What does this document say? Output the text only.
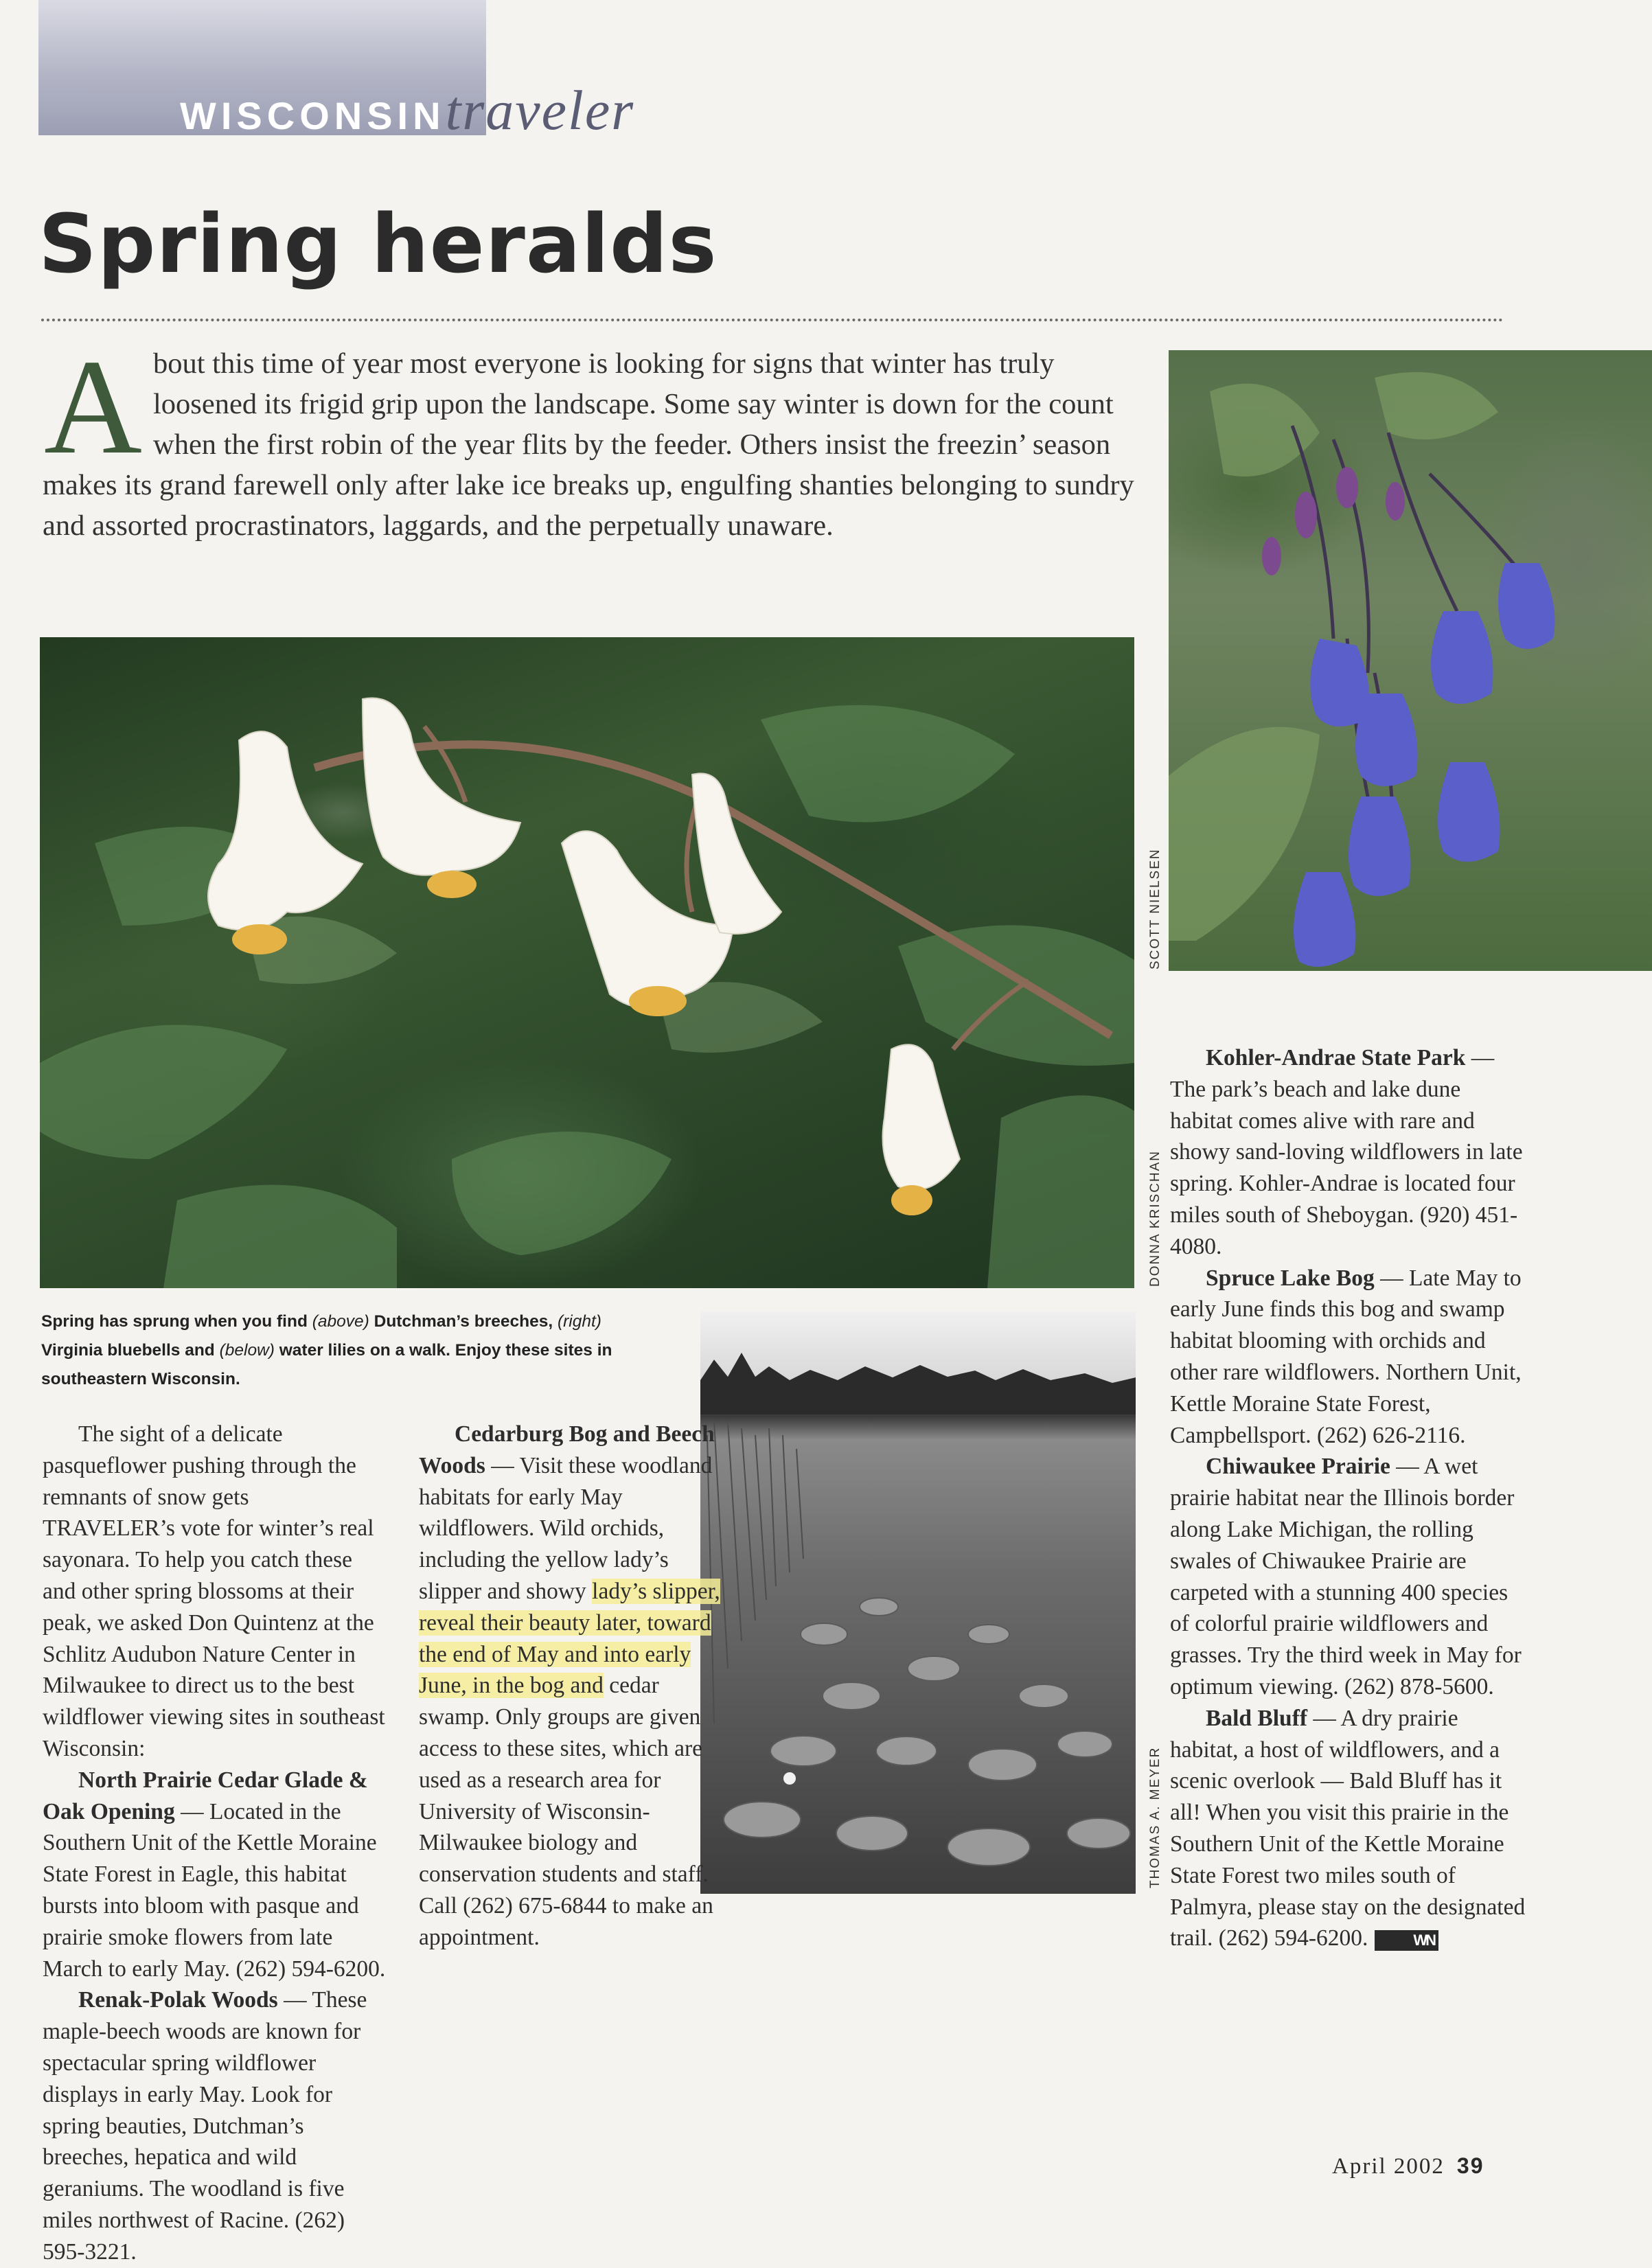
WISCONSINtraveler
Spring heralds

About this time of year most everyone is looking for signs that winter has truly loosened its frigid grip upon the landscape. Some say winter is down for the count when the first robin of the year flits by the feeder. Others insist the freezin’ season makes its grand farewell only after lake ice breaks up, engulfing shanties belonging to sundry and assorted procrastinators, laggards, and the perpetually unaware.

SCOTT NIELSEN
DONNA KRISCHAN
THOMAS A. MEYER
Spring has sprung when you find (above) Dutchman’s breeches, (right) Virginia bluebells and (below) water lilies on a walk. Enjoy these sites in southeastern Wisconsin.

The sight of a delicate pasqueflower pushing through the remnants of snow gets TRAVELER’s vote for winter’s real sayonara. To help you catch these and other spring blossoms at their peak, we asked Don Quintenz at the Schlitz Audubon Nature Center in Milwaukee to direct us to the best wildflower viewing sites in southeast Wisconsin:

North Prairie Cedar Glade & Oak Opening — Located in the Southern Unit of the Kettle Moraine State Forest in Eagle, this habitat bursts into bloom with pasque and prairie smoke flowers from late March to early May. (262) 594-6200.

Renak-Polak Woods — These maple-beech woods are known for spectacular spring wildflower displays in early May. Look for spring beauties, Dutchman’s breeches, hepatica and wild geraniums. The woodland is five miles northwest of Racine. (262) 595-3221.

Cedarburg Bog and Beech Woods — Visit these woodland habitats for early May wildflowers. Wild orchids, including the yellow lady’s slipper and showy lady’s slipper, reveal their beauty later, toward the end of May and into early June, in the bog and cedar swamp. Only groups are given access to these sites, which are used as a research area for University of Wisconsin-Milwaukee biology and conservation students and staff. Call (262) 675-6844 to make an appointment.

Kohler-Andrae State Park — The park’s beach and lake dune habitat comes alive with rare and showy sand-loving wildflowers in late spring. Kohler-Andrae is located four miles south of Sheboygan. (920) 451-4080.

Spruce Lake Bog — Late May to early June finds this bog and swamp habitat blooming with orchids and other rare wildflowers. Northern Unit, Kettle Moraine State Forest, Campbellsport. (262) 626-2116.

Chiwaukee Prairie — A wet prairie habitat near the Illinois border along Lake Michigan, the rolling swales of Chiwaukee Prairie are carpeted with a stunning 400 species of colorful prairie wildflowers and grasses. Try the third week in May for optimum viewing. (262) 878-5600.

Bald Bluff — A dry prairie habitat, a host of wildflowers, and a scenic overlook — Bald Bluff has it all! When you visit this prairie in the Southern Unit of the Kettle Moraine State Forest two miles south of Palmyra, please stay on the designated trail. (262) 594-6200.	WN

April 2002 39
